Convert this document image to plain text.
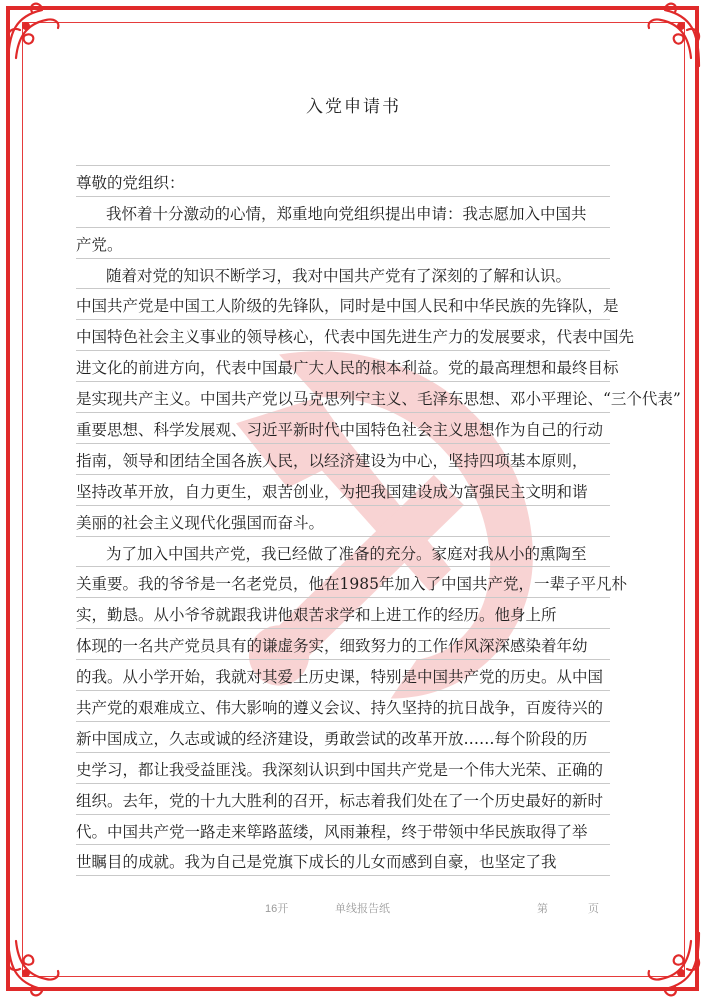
入党申请书
尊敬的党组织：
我怀着十分激动的心情，郑重地向党组织提出申请：我志愿加入中国共
产党。
随着对党的知识不断学习，我对中国共产党有了深刻的了解和认识。
中国共产党是中国工人阶级的先锋队，同时是中国人民和中华民族的先锋队，是
中国特色社会主义事业的领导核心，代表中国先进生产力的发展要求，代表中国先
进文化的前进方向，代表中国最广大人民的根本利益。党的最高理想和最终目标
是实现共产主义。中国共产党以马克思列宁主义、毛泽东思想、邓小平理论、“三个代表”
重要思想、科学发展观、习近平新时代中国特色社会主义思想作为自己的行动
指南，领导和团结全国各族人民，以经济建设为中心，坚持四项基本原则，
坚持改革开放，自力更生，艰苦创业，为把我国建设成为富强民主文明和谐
美丽的社会主义现代化强国而奋斗。
为了加入中国共产党，我已经做了准备的充分。家庭对我从小的熏陶至
关重要。我的爷爷是一名老党员，他在1985年加入了中国共产党，一辈子平凡朴
实，勤恳。从小爷爷就跟我讲他艰苦求学和上进工作的经历。他身上所
体现的一名共产党员具有的谦虚务实，细致努力的工作作风深深感染着年幼
的我。从小学开始，我就对其爱上历史课，特别是中国共产党的历史。从中国
共产党的艰难成立、伟大影响的遵义会议、持久坚持的抗日战争，百废待兴的
新中国成立，久志或诚的经济建设，勇敢尝试的改革开放……每个阶段的历
史学习，都让我受益匪浅。我深刻认识到中国共产党是一个伟大光荣、正确的
组织。去年，党的十九大胜利的召开，标志着我们处在了一个历史最好的新时
代。中国共产党一路走来筚路蓝缕，风雨兼程，终于带领中华民族取得了举
世瞩目的成就。我为自己是党旗下成长的儿女而感到自豪，也坚定了我
16开	单线报告纸	第	页
